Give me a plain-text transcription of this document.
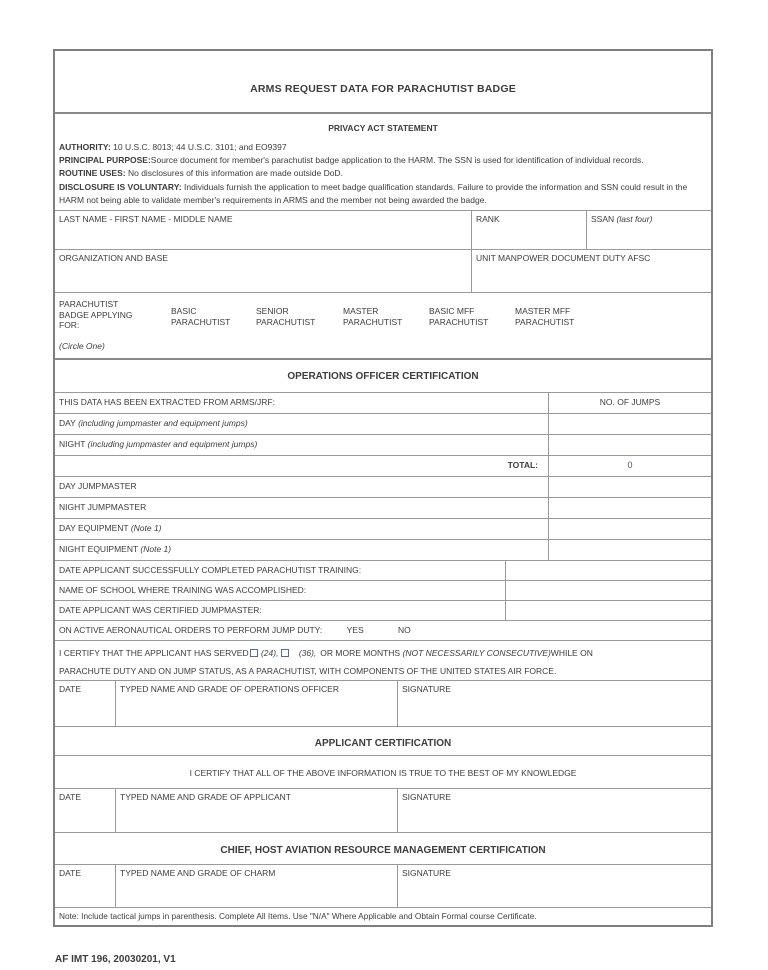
ARMS REQUEST DATA FOR PARACHUTIST BADGE
PRIVACY ACT STATEMENT
AUTHORITY: 10 U.S.C. 8013; 44 U.S.C. 3101; and EO9397
PRINCIPAL PURPOSE:Source document for member's parachutist badge application to the HARM. The SSN is used for identification of individual records.
ROUTINE USES: No disclosures of this information are made outside DoD.
DISCLOSURE IS VOLUNTARY: Individuals furnish the application to meet badge qualification standards. Failure to provide the information and SSN could result in the HARM not being able to validate member's requirements in ARMS and the member not being awarded the badge.
LAST NAME - FIRST NAME - MIDDLE NAME	RANK	SSAN (last four)
ORGANIZATION AND BASE	UNIT MANPOWER DOCUMENT DUTY AFSC
PARACHUTIST
BADGE APPLYING
FOR:
(Circle One)
BASIC
PARACHUTIST
SENIOR
PARACHUTIST
MASTER
PARACHUTIST
BASIC MFF
PARACHUTIST
MASTER MFF
PARACHUTIST
OPERATIONS OFFICER CERTIFICATION
THIS DATA HAS BEEN EXTRACTED FROM ARMS/JRF:	NO. OF JUMPS
DAY (including jumpmaster and equipment jumps)
NIGHT (including jumpmaster and equipment jumps)
TOTAL:	0
DAY JUMPMASTER
NIGHT JUMPMASTER
DAY EQUIPMENT (Note 1)
NIGHT EQUIPMENT (Note 1)
DATE APPLICANT SUCCESSFULLY COMPLETED PARACHUTIST TRAINING:
NAME OF SCHOOL WHERE TRAINING WAS ACCOMPLISHED:
DATE APPLICANT WAS CERTIFIED JUMPMASTER:
ON ACTIVE AERONAUTICAL ORDERS TO PERFORM JUMP DUTY:	YES	NO
I CERTIFY THAT THE APPLICANT HAS SERVED (24), (36), OR MORE MONTHS (NOT NECESSARILY CONSECUTIVE)WHILE ON
PARACHUTE DUTY AND ON JUMP STATUS, AS A PARACHUTIST, WITH COMPONENTS OF THE UNITED STATES AIR FORCE.
DATE	TYPED NAME AND GRADE OF OPERATIONS OFFICER	SIGNATURE
APPLICANT CERTIFICATION
I CERTIFY THAT ALL OF THE ABOVE INFORMATION IS TRUE TO THE BEST OF MY KNOWLEDGE
DATE	TYPED NAME AND GRADE OF APPLICANT	SIGNATURE
CHIEF, HOST AVIATION RESOURCE MANAGEMENT CERTIFICATION
DATE	TYPED NAME AND GRADE OF CHARM	SIGNATURE
Note: Include tactical jumps in parenthesis. Complete All Items. Use "N/A" Where Applicable and Obtain Formal course Certificate.
AF IMT 196, 20030201, V1
